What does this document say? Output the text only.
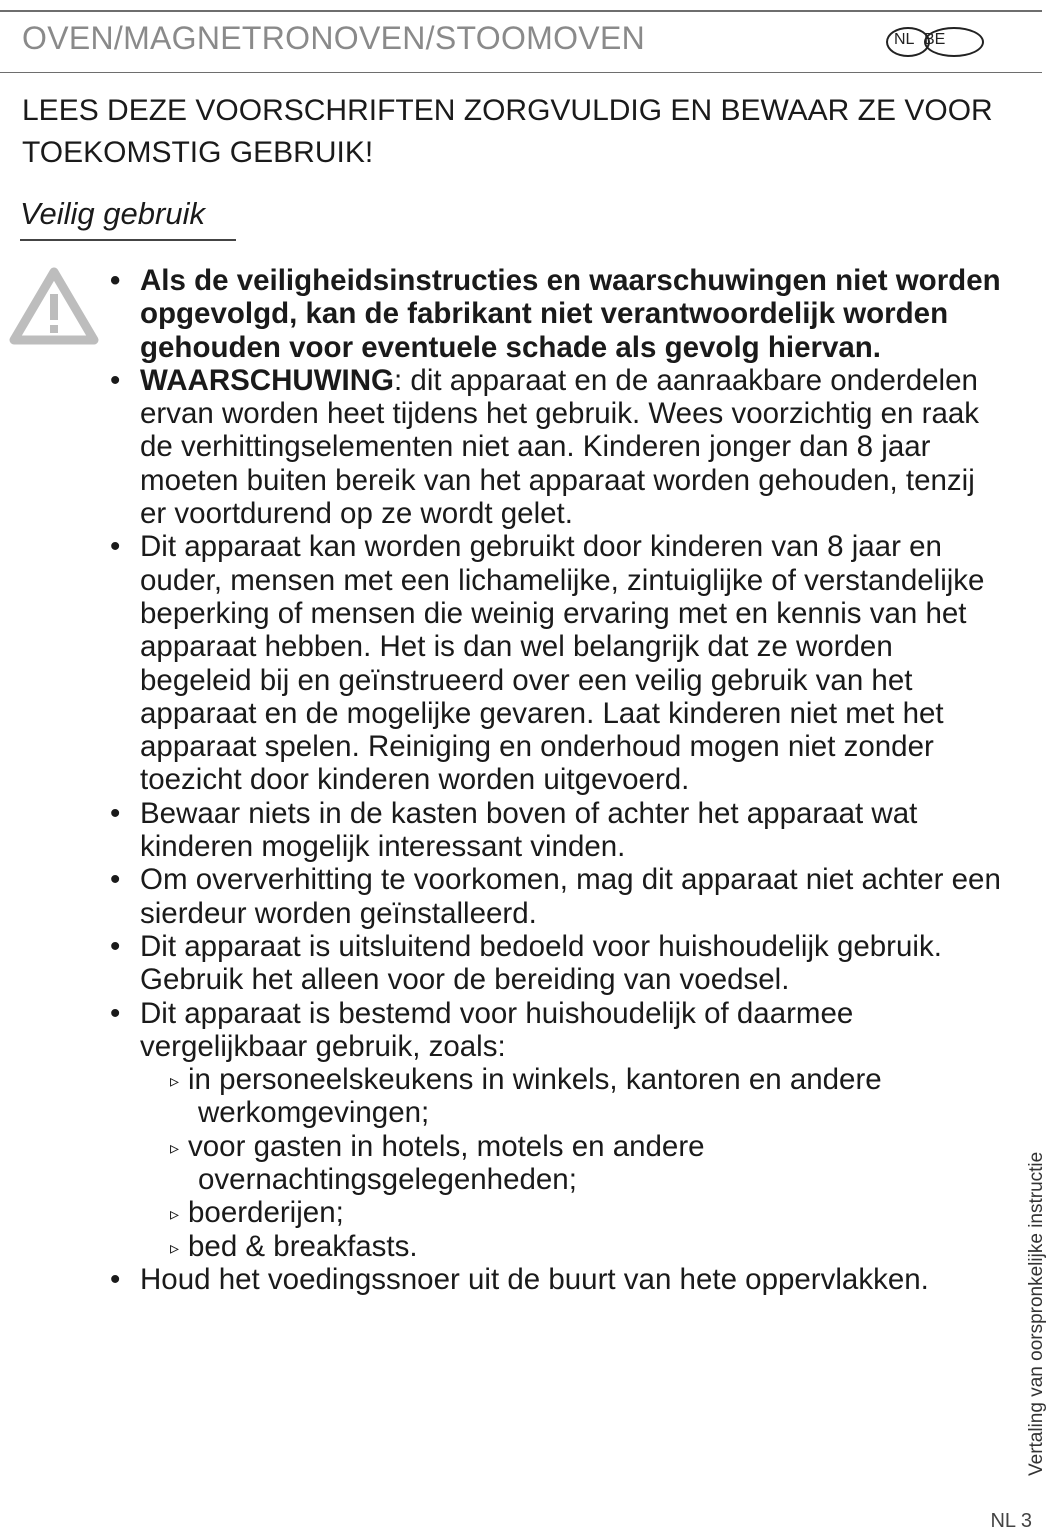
OVEN/MAGNETRONOVEN/STOOMOVEN	NL BE
LEES DEZE VOORSCHRIFTEN ZORGVULDIG EN BEWAAR ZE VOOR TOEKOMSTIG GEBRUIK!
Veilig gebruik
• Als de veiligheidsinstructies en waarschuwingen niet worden opgevolgd, kan de fabrikant niet verantwoordelijk worden gehouden voor eventuele schade als gevolg hiervan.
• WAARSCHUWING: dit apparaat en de aanraakbare onderdelen ervan worden heet tijdens het gebruik. Wees voorzichtig en raak de verhittingselementen niet aan. Kinderen jonger dan 8 jaar moeten buiten bereik van het apparaat worden gehouden, tenzij er voortdurend op ze wordt gelet.
• Dit apparaat kan worden gebruikt door kinderen van 8 jaar en ouder, mensen met een lichamelijke, zintuiglijke of verstandelijke beperking of mensen die weinig ervaring met en kennis van het apparaat hebben. Het is dan wel belangrijk dat ze worden begeleid bij en geïnstrueerd over een veilig gebruik van het apparaat en de mogelijke gevaren. Laat kinderen niet met het apparaat spelen. Reiniging en onderhoud mogen niet zonder toezicht door kinderen worden uitgevoerd.
• Bewaar niets in de kasten boven of achter het apparaat wat kinderen mogelijk interessant vinden.
• Om oververhitting te voorkomen, mag dit apparaat niet achter een sierdeur worden geïnstalleerd.
• Dit apparaat is uitsluitend bedoeld voor huishoudelijk gebruik. Gebruik het alleen voor de bereiding van voedsel.
• Dit apparaat is bestemd voor huishoudelijk of daarmee vergelijkbaar gebruik, zoals:
▹ in personeelskeukens in winkels, kantoren en andere werkomgevingen;
▹ voor gasten in hotels, motels en andere overnachtingsgelegenheden;
▹ boerderijen;
▹ bed & breakfasts.
• Houd het voedingssnoer uit de buurt van hete oppervlakken.	Vertaling van oorspronkelijke instructie
NL 3
